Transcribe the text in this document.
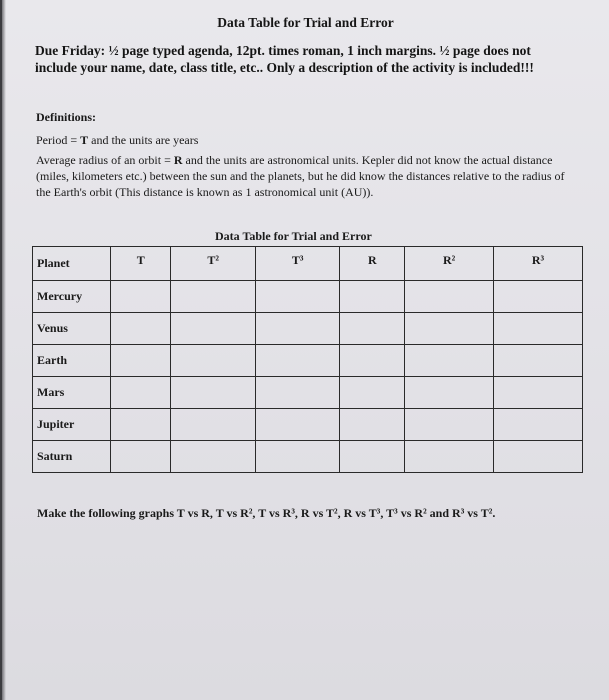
Data Table for Trial and Error
Due Friday: ½ page typed agenda, 12pt. times roman, 1 inch margins. ½ page does not include your name, date, class title, etc.. Only a description of the activity is included!!!
Definitions:
Period = T and the units are years
Average radius of an orbit = R and the units are astronomical units. Kepler did not know the actual distance (miles, kilometers etc.) between the sun and the planets, but he did know the distances relative to the radius of the Earth's orbit (This distance is known as 1 astronomical unit (AU)).
Data Table for Trial and Error
Planet	T	T²	T³	R	R²	R³
Mercury						
Venus						
Earth						
Mars						
Jupiter						
Saturn						
Make the following graphs T vs R, T vs R², T vs R³, R vs T², R vs T³, T³ vs R² and R³ vs T².
